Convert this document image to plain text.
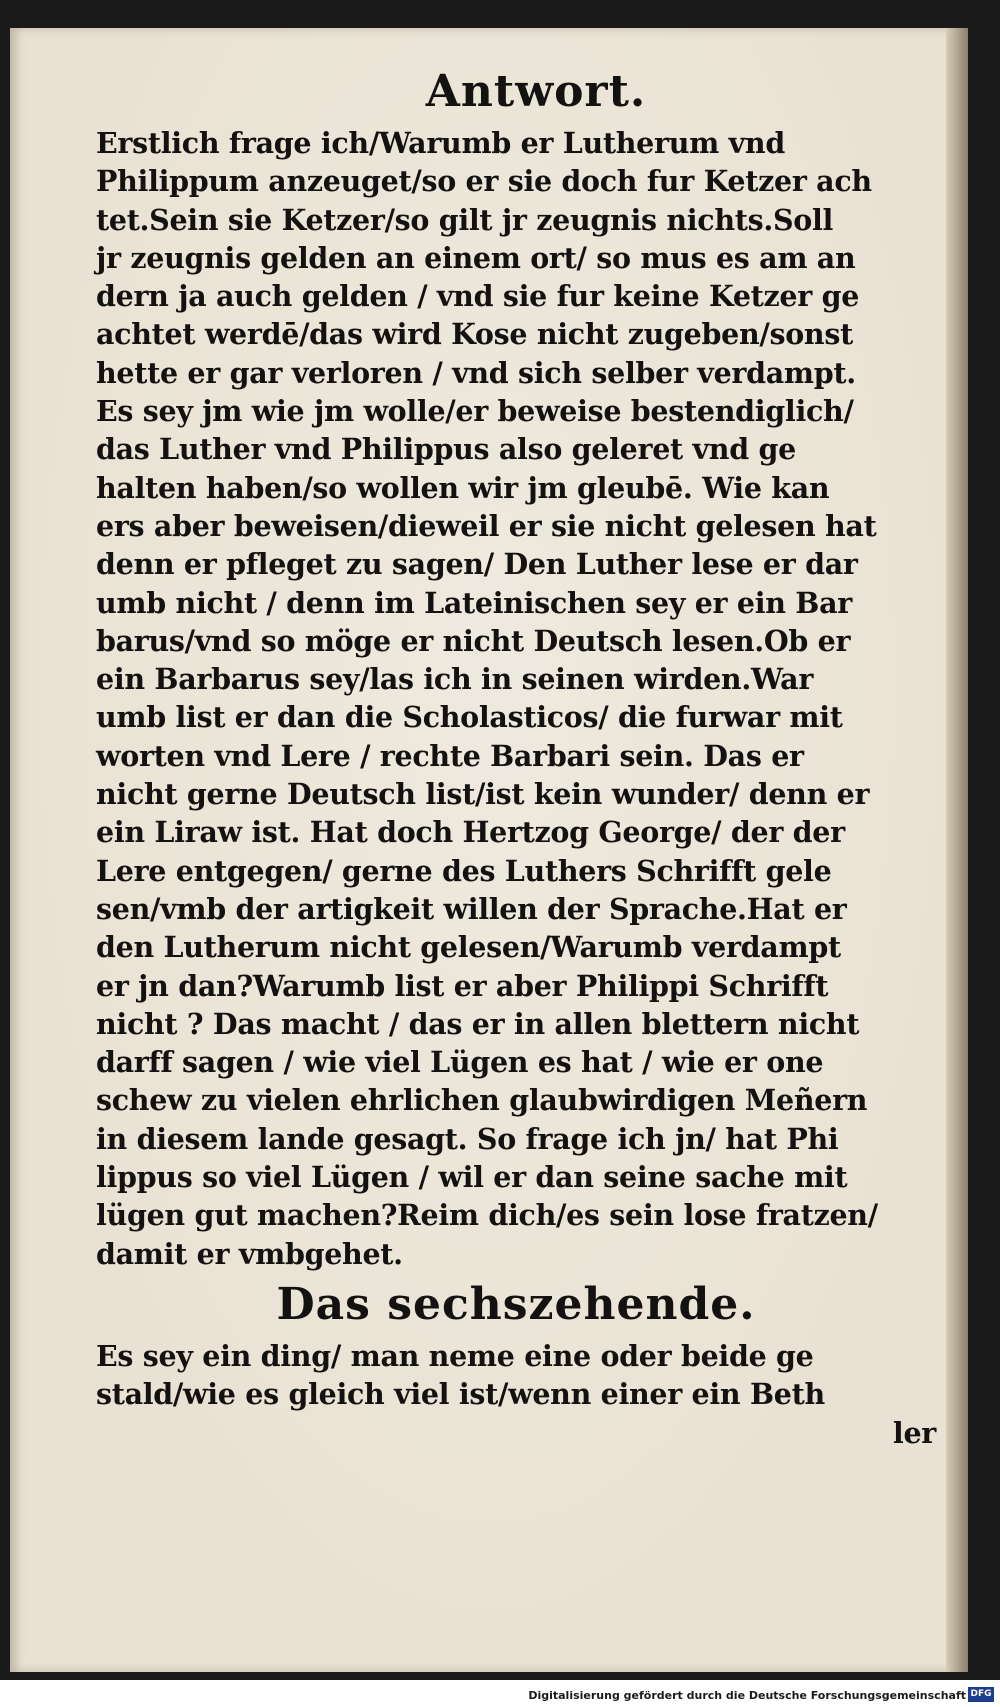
Antwort.

Erstlich frage ich/Warumb er Lutherum vnd

Philippum anzeuget/so er sie doch fur Ketzer ach

tet.Sein sie Ketzer/so gilt jr zeugnis nichts.Soll

jr zeugnis gelden an einem ort/ so mus es am an

dern ja auch gelden / vnd sie fur keine Ketzer ge

achtet werdē/das wird Kose nicht zugeben/sonst

hette er gar verloren / vnd sich selber verdampt.

Es sey jm wie jm wolle/er beweise bestendiglich/

das Luther vnd Philippus also geleret vnd ge

halten haben/so wollen wir jm gleubē. Wie kan

ers aber beweisen/dieweil er sie nicht gelesen hat

denn er pfleget zu sagen/ Den Luther lese er dar

umb nicht / denn im Lateinischen sey er ein Bar

barus/vnd so möge er nicht Deutsch lesen.Ob er

ein Barbarus sey/las ich in seinen wirden.War

umb list er dan die Scholasticos/ die furwar mit

worten vnd Lere / rechte Barbari sein. Das er

nicht gerne Deutsch list/ist kein wunder/ denn er

ein Liraw ist. Hat doch Hertzog George/ der der

Lere entgegen/ gerne des Luthers Schrifft gele

sen/vmb der artigkeit willen der Sprache.Hat er

den Lutherum nicht gelesen/Warumb verdampt

er jn dan?Warumb list er aber Philippi Schrifft

nicht ? Das macht / das er in allen blettern nicht

darff sagen / wie viel Lügen es hat / wie er one

schew zu vielen ehrlichen glaubwirdigen Meñern

in diesem lande gesagt. So frage ich jn/ hat Phi

lippus so viel Lügen / wil er dan seine sache mit

lügen gut machen?Reim dich/es sein lose fratzen/

damit er vmbgehet.

Das sechszehende.

Es sey ein ding/ man neme eine oder beide ge

stald/wie es gleich viel ist/wenn einer ein Beth

ler

Digitalisierung gefördert durch die Deutsche Forschungsgemeinschaft DFG
